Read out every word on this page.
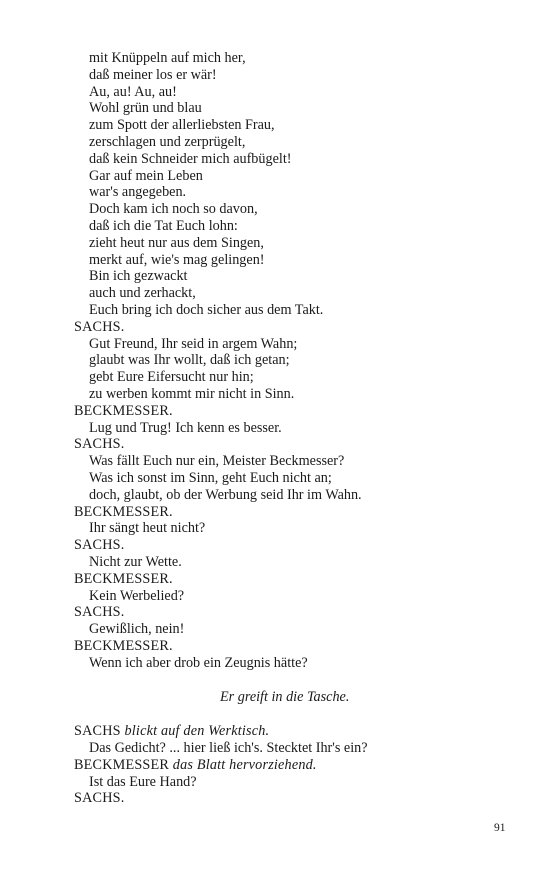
mit Knüppeln auf mich her,
daß meiner los er wär!
Au, au! Au, au!
Wohl grün und blau
zum Spott der allerliebsten Frau,
zerschlagen und zerprügelt,
daß kein Schneider mich aufbügelt!
Gar auf mein Leben
war's angegeben.
Doch kam ich noch so davon,
daß ich die Tat Euch lohn:
zieht heut nur aus dem Singen,
merkt auf, wie's mag gelingen!
Bin ich gezwackt
auch und zerhackt,
Euch bring ich doch sicher aus dem Takt.
SACHS.
Gut Freund, Ihr seid in argem Wahn;
glaubt was Ihr wollt, daß ich getan;
gebt Eure Eifersucht nur hin;
zu werben kommt mir nicht in Sinn.
BECKMESSER.
Lug und Trug! Ich kenn es besser.
SACHS.
Was fällt Euch nur ein, Meister Beckmesser?
Was ich sonst im Sinn, geht Euch nicht an;
doch, glaubt, ob der Werbung seid Ihr im Wahn.
BECKMESSER.
Ihr sängt heut nicht?
SACHS.
Nicht zur Wette.
BECKMESSER.
Kein Werbelied?
SACHS.
Gewißlich, nein!
BECKMESSER.
Wenn ich aber drob ein Zeugnis hätte?
Er greift in die Tasche.
SACHS blickt auf den Werktisch.
Das Gedicht? ... hier ließ ich's. Stecktet Ihr's ein?
BECKMESSER das Blatt hervorziehend.
Ist das Eure Hand?
SACHS.
91
